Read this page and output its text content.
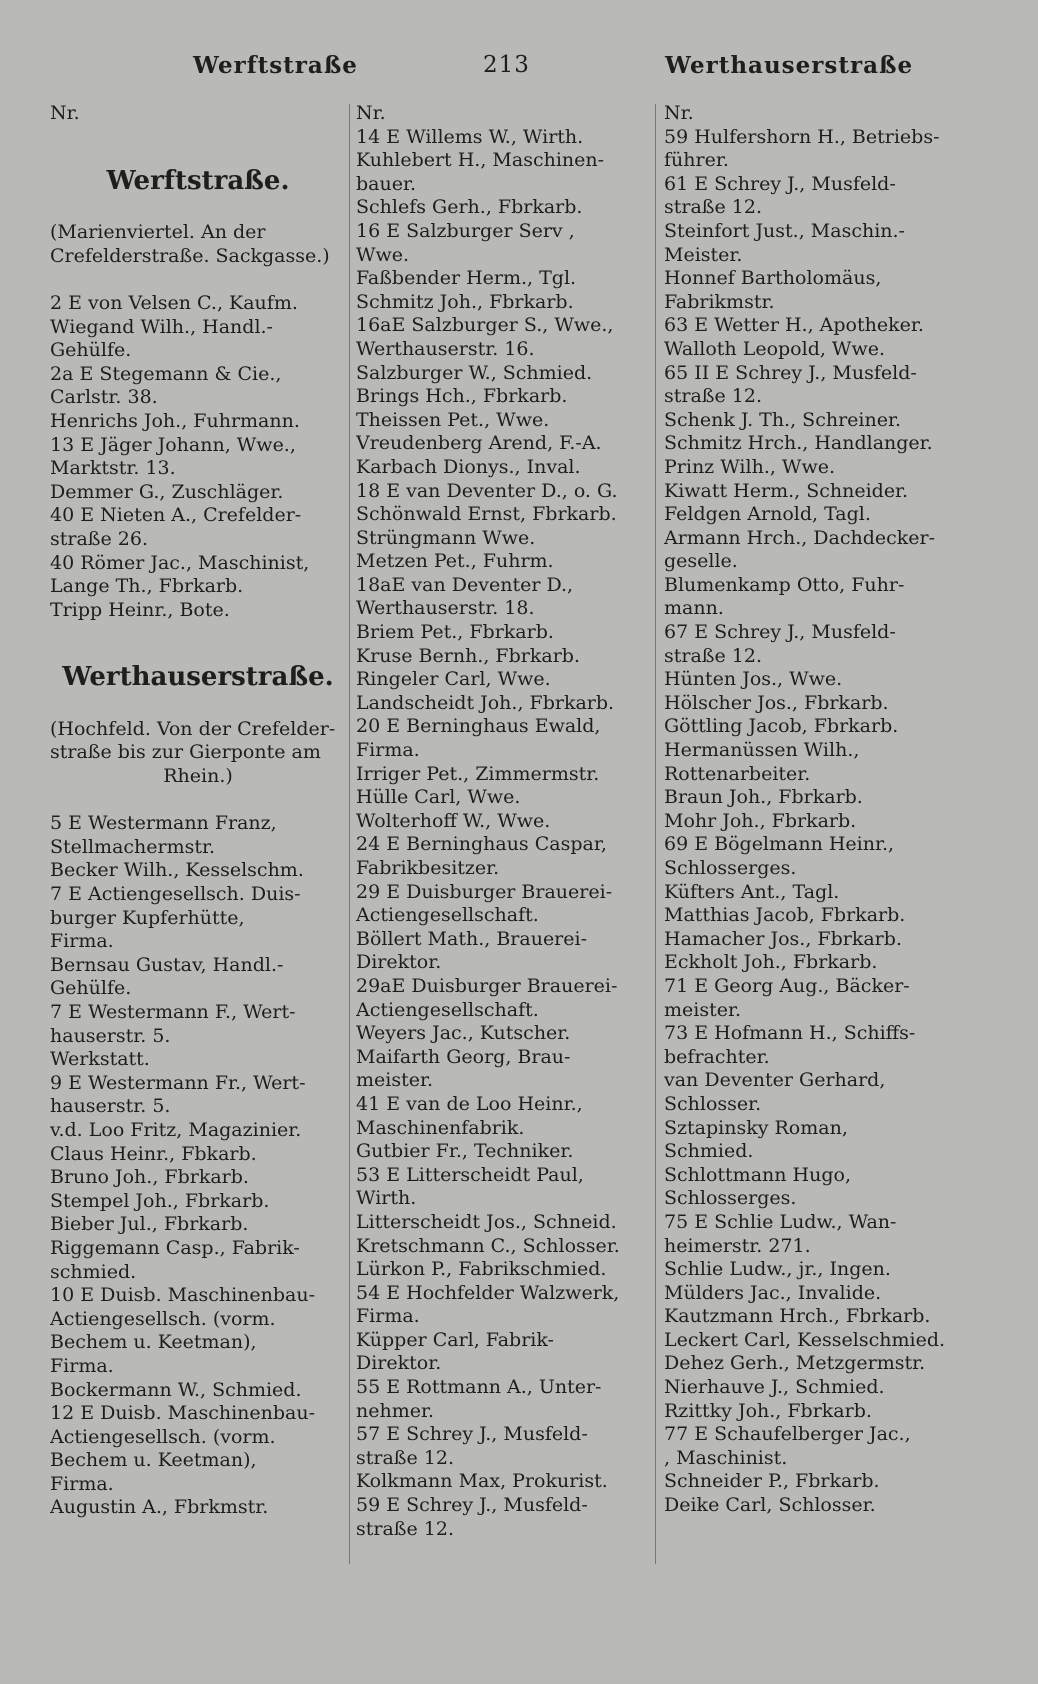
Werftstraße	213	Werthauserstraße
Nr.
Werftstraße.
(Marienviertel. An der
Crefelderstraße. Sackgasse.)
2 E von Velsen C., Kaufm.
Wiegand Wilh., Handl.-
Gehülfe.
2a E Stegemann & Cie.,
Carlstr. 38.
Henrichs Joh., Fuhrmann.
13 E Jäger Johann, Wwe.,
Marktstr. 13.
Demmer G., Zuschläger.
40 E Nieten A., Crefelder-
straße 26.
40 Römer Jac., Maschinist,
Lange Th., Fbrkarb.
Tripp Heinr., Bote.
Werthauserstraße.
(Hochfeld. Von der Crefelder-
straße bis zur Gierponte am
Rhein.)
5 E Westermann Franz,
Stellmachermstr.
Becker Wilh., Kesselschm.
7 E Actiengesellsch. Duis-
burger Kupferhütte,
Firma.
Bernsau Gustav, Handl.-
Gehülfe.
7 E Westermann F., Wert-
hauserstr. 5.
Werkstatt.
9 E Westermann Fr., Wert-
hauserstr. 5.
v.d. Loo Fritz, Magazinier.
Claus Heinr., Fbkarb.
Bruno Joh., Fbrkarb.
Stempel Joh., Fbrkarb.
Bieber Jul., Fbrkarb.
Riggemann Casp., Fabrik-
schmied.
10 E Duisb. Maschinenbau-
Actiengesellsch. (vorm.
Bechem u. Keetman),
Firma.
Bockermann W., Schmied.
12 E Duisb. Maschinenbau-
Actiengesellsch. (vorm.
Bechem u. Keetman),
Firma.
Augustin A., Fbrkmstr.
Nr.
14 E Willems W., Wirth.
Kuhlebert H., Maschinen-
bauer.
Schlefs Gerh., Fbrkarb.
16 E Salzburger Serv ,
Wwe.
Faßbender Herm., Tgl.
Schmitz Joh., Fbrkarb.
16aE Salzburger S., Wwe.,
Werthauserstr. 16.
Salzburger W., Schmied.
Brings Hch., Fbrkarb.
Theissen Pet., Wwe.
Vreudenberg Arend, F.-A.
Karbach Dionys., Inval.
18 E van Deventer D., o. G.
Schönwald Ernst, Fbrkarb.
Strüngmann Wwe.
Metzen Pet., Fuhrm.
18aE van Deventer D.,
Werthauserstr. 18.
Briem Pet., Fbrkarb.
Kruse Bernh., Fbrkarb.
Ringeler Carl, Wwe.
Landscheidt Joh., Fbrkarb.
20 E Berninghaus Ewald,
Firma.
Irriger Pet., Zimmermstr.
Hülle Carl, Wwe.
Wolterhoff W., Wwe.
24 E Berninghaus Caspar,
Fabrikbesitzer.
29 E Duisburger Brauerei-
Actiengesellschaft.
Böllert Math., Brauerei-
Direktor.
29aE Duisburger Brauerei-
Actiengesellschaft.
Weyers Jac., Kutscher.
Maifarth Georg, Brau-
meister.
41 E van de Loo Heinr.,
Maschinenfabrik.
Gutbier Fr., Techniker.
53 E Litterscheidt Paul,
Wirth.
Litterscheidt Jos., Schneid.
Kretschmann C., Schlosser.
Lürkon P., Fabrikschmied.
54 E Hochfelder Walzwerk,
Firma.
Küpper Carl, Fabrik-
Direktor.
55 E Rottmann A., Unter-
nehmer.
57 E Schrey J., Musfeld-
straße 12.
Kolkmann Max, Prokurist.
59 E Schrey J., Musfeld-
straße 12.
Nr.
59 Hulfershorn H., Betriebs-
führer.
61 E Schrey J., Musfeld-
straße 12.
Steinfort Just., Maschin.-
Meister.
Honnef Bartholomäus,
Fabrikmstr.
63 E Wetter H., Apotheker.
Walloth Leopold, Wwe.
65 II E Schrey J., Musfeld-
straße 12.
Schenk J. Th., Schreiner.
Schmitz Hrch., Handlanger.
Prinz Wilh., Wwe.
Kiwatt Herm., Schneider.
Feldgen Arnold, Tagl.
Armann Hrch., Dachdecker-
geselle.
Blumenkamp Otto, Fuhr-
mann.
67 E Schrey J., Musfeld-
straße 12.
Hünten Jos., Wwe.
Hölscher Jos., Fbrkarb.
Göttling Jacob, Fbrkarb.
Hermanüssen Wilh.,
Rottenarbeiter.
Braun Joh., Fbrkarb.
Mohr Joh., Fbrkarb.
69 E Bögelmann Heinr.,
Schlosserges.
Küfters Ant., Tagl.
Matthias Jacob, Fbrkarb.
Hamacher Jos., Fbrkarb.
Eckholt Joh., Fbrkarb.
71 E Georg Aug., Bäcker-
meister.
73 E Hofmann H., Schiffs-
befrachter.
van Deventer Gerhard,
Schlosser.
Sztapinsky Roman,
Schmied.
Schlottmann Hugo,
Schlosserges.
75 E Schlie Ludw., Wan-
heimerstr. 271.
Schlie Ludw., jr., Ingen.
Mülders Jac., Invalide.
Kautzmann Hrch., Fbrkarb.
Leckert Carl, Kesselschmied.
Dehez Gerh., Metzgermstr.
Nierhauve J., Schmied.
Rzittky Joh., Fbrkarb.
77 E Schaufelberger Jac.,
, Maschinist.
Schneider P., Fbrkarb.
Deike Carl, Schlosser.
